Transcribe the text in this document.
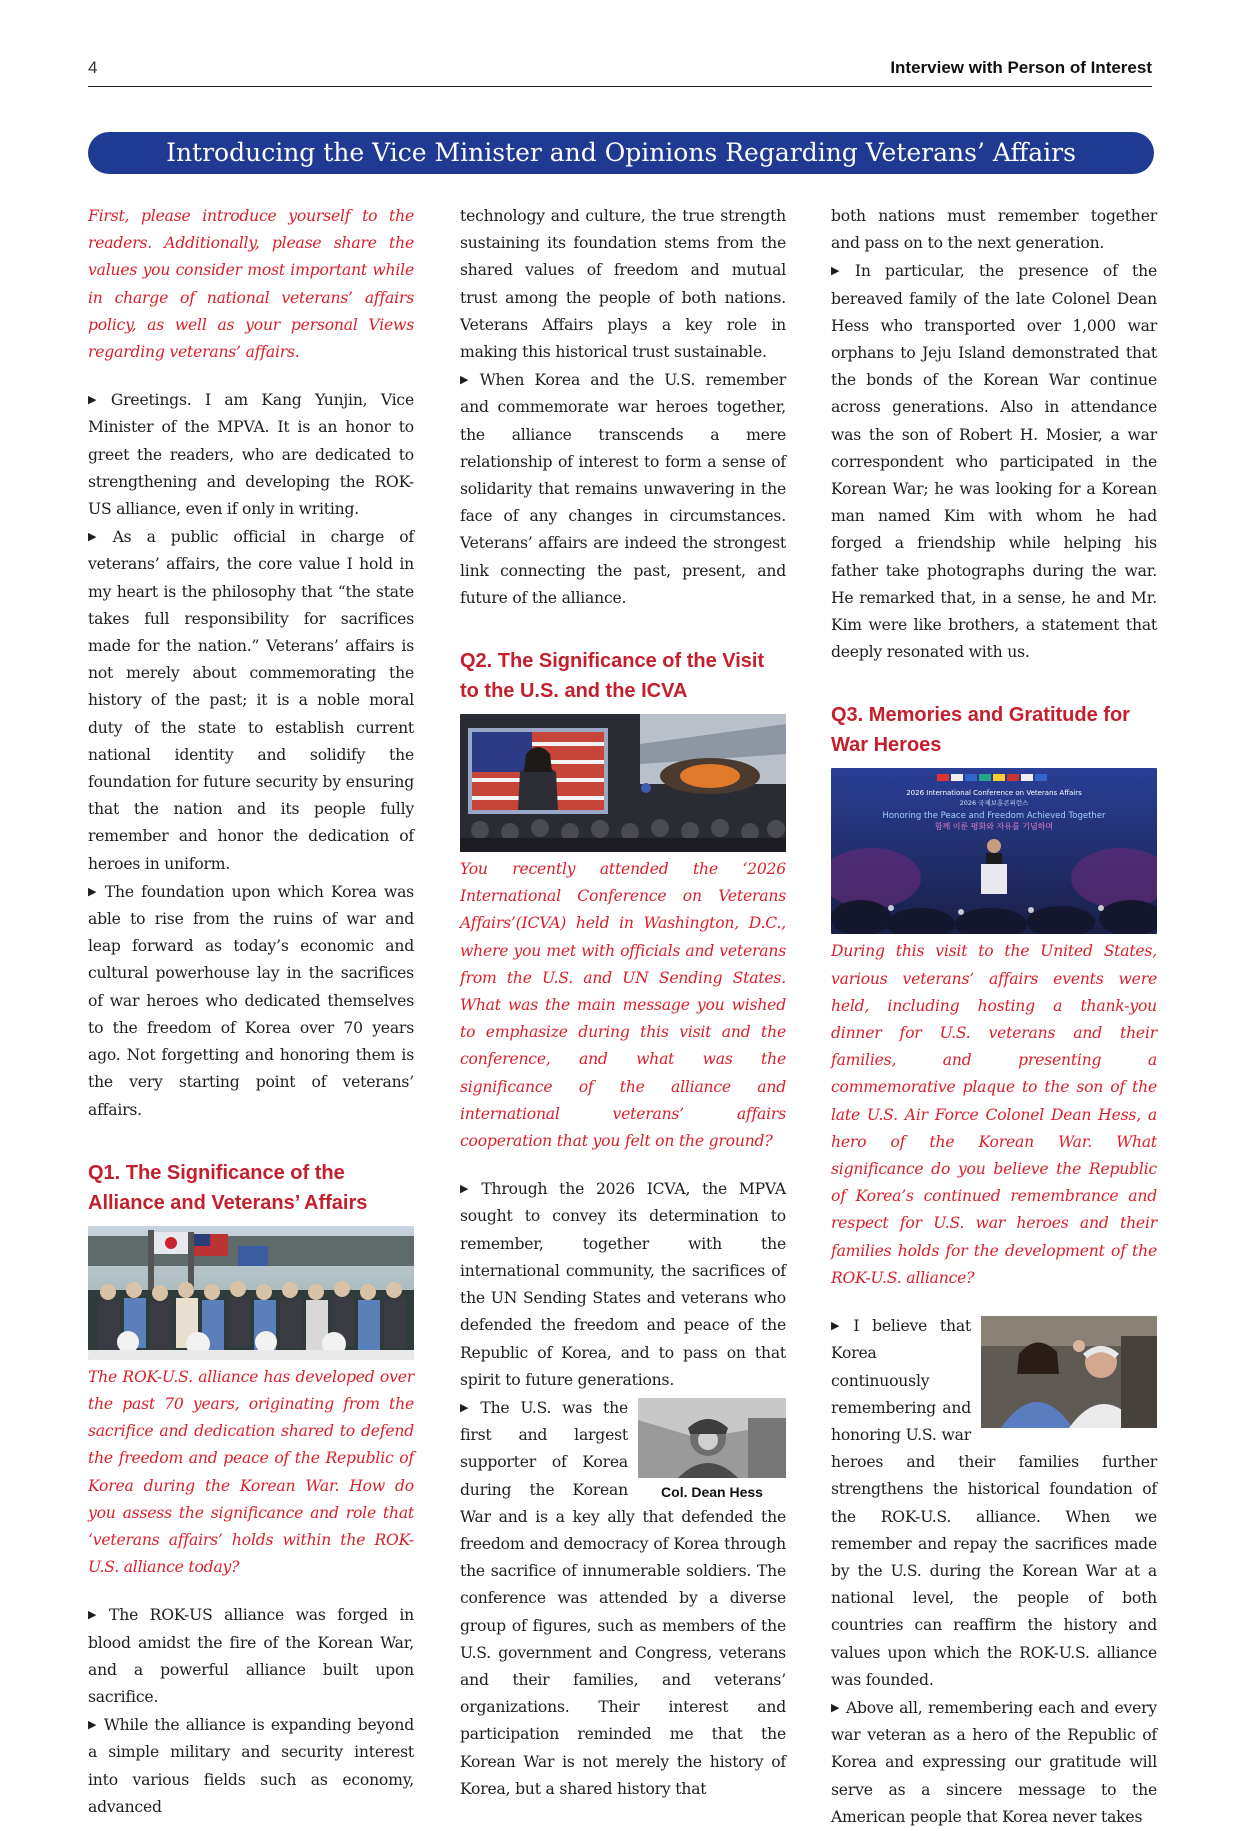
4	Interview with Person of Interest
Introducing the Vice Minister and Opinions Regarding Veterans’ Affairs

First, please introduce yourself to the readers. Additionally, please share the values you consider most important while in charge of national veterans’ affairs policy, as well as your personal Views regarding veterans’ affairs.

▶ Greetings. I am Kang Yunjin, Vice Minister of the MPVA. It is an honor to greet the readers, who are dedicated to strengthening and developing the ROK-US alliance, even if only in writing.

▶ As a public official in charge of veterans’ affairs, the core value I hold in my heart is the philosophy that “the state takes full responsibility for sacrifices made for the nation.” Veterans’ affairs is not merely about commemorating the history of the past; it is a noble moral duty of the state to establish current national identity and solidify the foundation for future security by ensuring that the nation and its people fully remember and honor the dedication of heroes in uniform.

▶ The foundation upon which Korea was able to rise from the ruins of war and leap forward as today’s economic and cultural powerhouse lay in the sacrifices of war heroes who dedicated themselves to the freedom of Korea over 70 years ago. Not forgetting and honoring them is the very starting point of veterans’ affairs.

Q1. The Significance of the Alliance and Veterans’ Affairs

The ROK-U.S. alliance has developed over the past 70 years, originating from the sacrifice and dedication shared to defend the freedom and peace of the Republic of Korea during the Korean War. How do you assess the significance and role that ‘veterans affairs’ holds within the ROK-U.S. alliance today?

▶ The ROK-US alliance was forged in blood amidst the fire of the Korean War, and a powerful alliance built upon sacrifice.

▶ While the alliance is expanding beyond a simple military and security interest into various fields such as economy, advanced

technology and culture, the true strength sustaining its foundation stems from the shared values of freedom and mutual trust among the people of both nations. Veterans Affairs plays a key role in making this historical trust sustainable.

▶ When Korea and the U.S. remember and commemorate war heroes together, the alliance transcends a mere relationship of interest to form a sense of solidarity that remains unwavering in the face of any changes in circumstances. Veterans’ affairs are indeed the strongest link connecting the past, present, and future of the alliance.

Q2. The Significance of the Visit to the U.S. and the ICVA

You recently attended the ‘2026 International Conference on Veterans Affairs’(ICVA) held in Washington, D.C., where you met with officials and veterans from the U.S. and UN Sending States. What was the main message you wished to emphasize during this visit and the conference, and what was the significance of the alliance and international veterans’ affairs cooperation that you felt on the ground?

▶ Through the 2026 ICVA, the MPVA sought to convey its determination to remember, together with the international community, the sacrifices of the UN Sending States and veterans who defended the freedom and peace of the Republic of Korea, and to pass on that spirit to future generations.

Col. Dean Hess

▶ The U.S. was the first and largest supporter of Korea during the Korean War and is a key ally that defended the freedom and democracy of Korea through the sacrifice of innumerable soldiers. The conference was attended by a diverse group of figures, such as members of the U.S. government and Congress, veterans and their families, and veterans’ organizations. Their interest and participation reminded me that the Korean War is not merely the history of Korea, but a shared history that

both nations must remember together and pass on to the next generation.

▶ In particular, the presence of the bereaved family of the late Colonel Dean Hess who transported over 1,000 war orphans to Jeju Island demonstrated that the bonds of the Korean War continue across generations. Also in attendance was the son of Robert H. Mosier, a war correspondent who participated in the Korean War; he was looking for a Korean man named Kim with whom he had forged a friendship while helping his father take photographs during the war. He remarked that, in a sense, he and Mr. Kim were like brothers, a statement that deeply resonated with us.

Q3. Memories and Gratitude for War Heroes
2026 International Conference on Veterans Affairs
2026 국제보훈콘퍼런스
Honoring the Peace and Freedom Achieved Together
함께 이룬 평화와 자유를 기념하며

During this visit to the United States, various veterans’ affairs events were held, including hosting a thank-you dinner for U.S. veterans and their families, and presenting a commemorative plaque to the son of the late U.S. Air Force Colonel Dean Hess, a hero of the Korean War. What significance do you believe the Republic of Korea’s continued remembrance and respect for U.S. war heroes and their families holds for the development of the ROK-U.S. alliance?

▶ I believe that Korea continuously remembering and honoring U.S. war heroes and their families further strengthens the historical foundation of the ROK-U.S. alliance. When we remember and repay the sacrifices made by the U.S. during the Korean War at a national level, the people of both countries can reaffirm the history and values upon which the ROK-U.S. alliance was founded.

▶ Above all, remembering each and every war veteran as a hero of the Republic of Korea and expressing our gratitude will serve as a sincere message to the American people that Korea never takes
